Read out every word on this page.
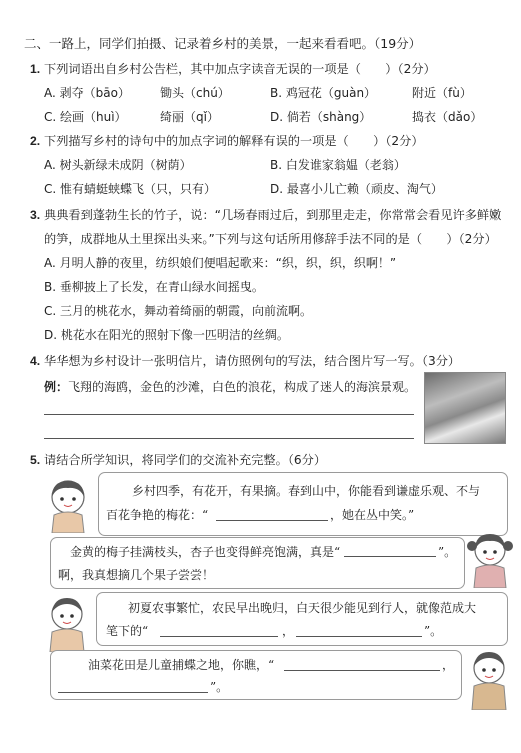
二、一路上，同学们拍摄、记录着乡村的美景，一起来看看吧。（19分）
1. 下列词语出自乡村公告栏，其中加点字读音无误的一项是（　　）（2分）
A. 剥夺（bāo）	锄头（chú）	B. 鸡冠花（guàn）	附近（fù）
C. 绘画（huì）	绮丽（qǐ）	D. 倘若（shàng）	捣衣（dǎo）
2. 下列描写乡村的诗句中的加点字词的解释有误的一项是（　　）（2分）
A. 树头新绿未成阴（树荫）	B. 白发谁家翁媪（老翁）
C. 惟有蜻蜓蛱蝶飞（只，只有）	D. 最喜小儿亡赖（顽皮、淘气）
3. 典典看到蓬勃生长的竹子，说：“几场春雨过后，到那里走走，你常常会看见许多鲜嫩
的笋，成群地从土里探出头来。”下列与这句话所用修辞手法不同的是（　　）（2分）
A. 月明人静的夜里，纺织娘们便唱起歌来：“织，织，织，织啊！”
B. 垂柳披上了长发，在青山绿水间摇曳。
C. 三月的桃花水，舞动着绮丽的朝霞，向前流啊。
D. 桃花水在阳光的照射下像一匹明洁的丝绸。
4. 华华想为乡村设计一张明信片，请仿照例句的写法，结合图片写一写。（3分）
例：飞翔的海鸥，金色的沙滩，白色的浪花，构成了迷人的海滨景观。
5. 请结合所学知识，将同学们的交流补充完整。（6分）
乡村四季，有花开，有果摘。春到山中，你能看到谦虚乐观、不与
百花争艳的梅花：“	，她在丛中笑。”
金黄的梅子挂满枝头，杏子也变得鲜亮饱满，真是“	”。
啊，我真想摘几个果子尝尝！
初夏农事繁忙，农民早出晚归，白天很少能见到行人，就像范成大
笔下的“	，	”。
油菜花田是儿童捕蝶之地，你瞧，“	，
”。
